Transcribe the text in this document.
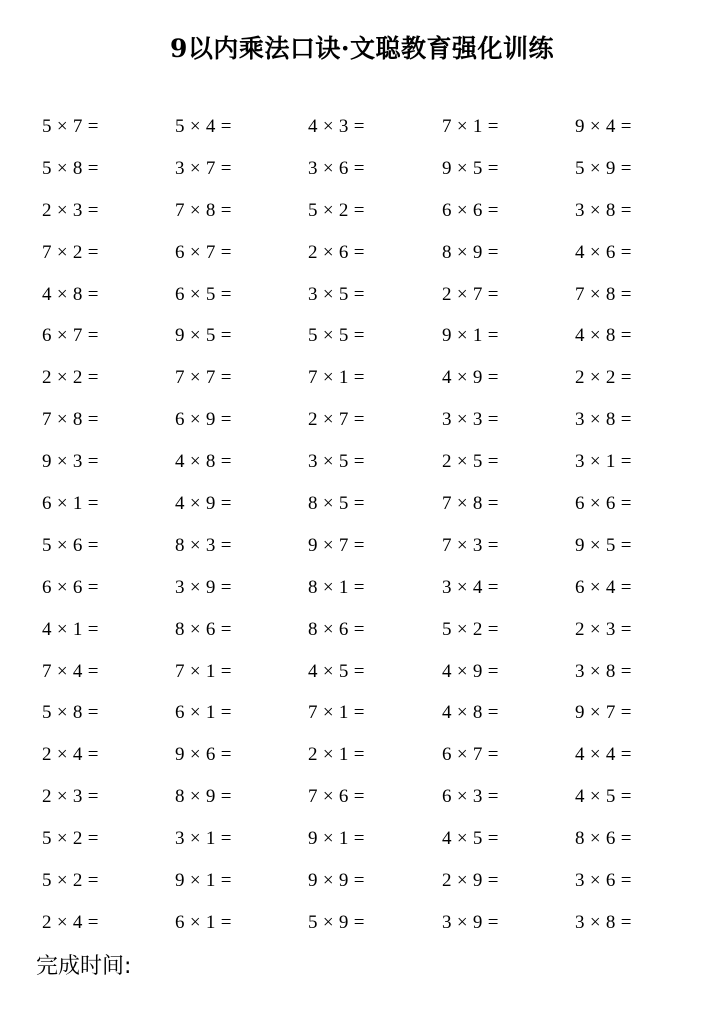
9以内乘法口诀·文聪教育强化训练
5 × 7 =	5 × 4 =	4 × 3 =	7 × 1 =	9 × 4 =
5 × 8 =	3 × 7 =	3 × 6 =	9 × 5 =	5 × 9 =
2 × 3 =	7 × 8 =	5 × 2 =	6 × 6 =	3 × 8 =
7 × 2 =	6 × 7 =	2 × 6 =	8 × 9 =	4 × 6 =
4 × 8 =	6 × 5 =	3 × 5 =	2 × 7 =	7 × 8 =
6 × 7 =	9 × 5 =	5 × 5 =	9 × 1 =	4 × 8 =
2 × 2 =	7 × 7 =	7 × 1 =	4 × 9 =	2 × 2 =
7 × 8 =	6 × 9 =	2 × 7 =	3 × 3 =	3 × 8 =
9 × 3 =	4 × 8 =	3 × 5 =	2 × 5 =	3 × 1 =
6 × 1 =	4 × 9 =	8 × 5 =	7 × 8 =	6 × 6 =
5 × 6 =	8 × 3 =	9 × 7 =	7 × 3 =	9 × 5 =
6 × 6 =	3 × 9 =	8 × 1 =	3 × 4 =	6 × 4 =
4 × 1 =	8 × 6 =	8 × 6 =	5 × 2 =	2 × 3 =
7 × 4 =	7 × 1 =	4 × 5 =	4 × 9 =	3 × 8 =
5 × 8 =	6 × 1 =	7 × 1 =	4 × 8 =	9 × 7 =
2 × 4 =	9 × 6 =	2 × 1 =	6 × 7 =	4 × 4 =
2 × 3 =	8 × 9 =	7 × 6 =	6 × 3 =	4 × 5 =
5 × 2 =	3 × 1 =	9 × 1 =	4 × 5 =	8 × 6 =
5 × 2 =	9 × 1 =	9 × 9 =	2 × 9 =	3 × 6 =
2 × 4 =	6 × 1 =	5 × 9 =	3 × 9 =	3 × 8 =
完成时间:
